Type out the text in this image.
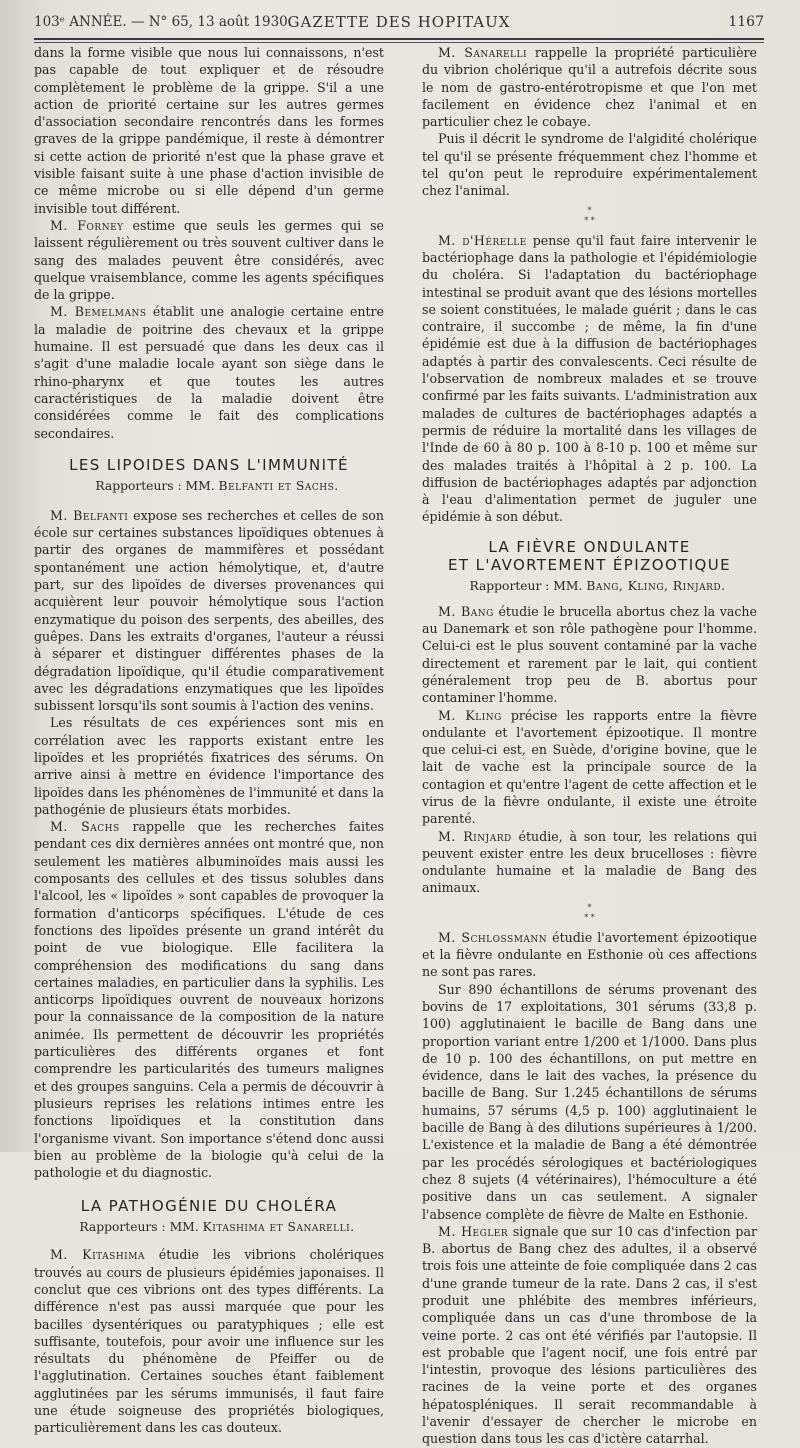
103ᵉ ANNÉE. — N° 65, 13 août 1930.
GAZETTE DES HOPITAUX	1167

dans la forme visible que nous lui connaissons, n'est pas capable de tout expliquer et de résoudre complètement le problème de la grippe. S'il a une action de priorité certaine sur les autres germes d'association secondaire rencontrés dans les formes graves de la grippe pandémique, il reste à démontrer si cette action de priorité n'est que la phase grave et visible faisant suite à une phase d'action invisible de ce même microbe ou si elle dépend d'un germe invisible tout différent.

M. Forney estime que seuls les germes qui se laissent régulièrement ou très souvent cultiver dans le sang des malades peuvent être considérés, avec quelque vraisemblance, comme les agents spécifiques de la grippe.

M. Bemelmans établit une analogie certaine entre la maladie de poitrine des chevaux et la grippe humaine. Il est persuadé que dans les deux cas il s'agit d'une maladie locale ayant son siège dans le rhino-pharynx et que toutes les autres caractéristiques de la maladie doivent être considérées comme le fait des complications secondaires.

LES LIPOIDES DANS L'IMMUNITÉ

Rapporteurs : MM. Belfanti et Sachs.

M. Belfanti expose ses recherches et celles de son école sur certaines substances lipoïdiques obtenues à partir des organes de mammifères et possédant spontanément une action hémolytique, et, d'autre part, sur des lipoïdes de diverses provenances qui acquièrent leur pouvoir hémolytique sous l'action enzymatique du poison des serpents, des abeilles, des guêpes. Dans les extraits d'organes, l'auteur a réussi à séparer et distinguer différentes phases de la dégradation lipoïdique, qu'il étudie comparativement avec les dégradations enzymatiques que les lipoïdes subissent lorsqu'ils sont soumis à l'action des venins.

Les résultats de ces expériences sont mis en corrélation avec les rapports existant entre les lipoïdes et les propriétés fixatrices des sérums. On arrive ainsi à mettre en évidence l'importance des lipoïdes dans les phénomènes de l'immunité et dans la pathogénie de plusieurs états morbides.

M. Sachs rappelle que les recherches faites pendant ces dix dernières années ont montré que, non seulement les matières albuminoïdes mais aussi les composants des cellules et des tissus solubles dans l'alcool, les « lipoïdes » sont capables de provoquer la formation d'anticorps spécifiques. L'étude de ces fonctions des lipoïdes présente un grand intérêt du point de vue biologique. Elle facilitera la compréhension des modifications du sang dans certaines maladies, en particulier dans la syphilis. Les anticorps lipoïdiques ouvrent de nouveaux horizons pour la connaissance de la composition de la nature animée. Ils permettent de découvrir les propriétés particulières des différents organes et font comprendre les particularités des tumeurs malignes et des groupes sanguins. Cela a permis de découvrir à plusieurs reprises les relations intimes entre les fonctions lipoïdiques et la constitution dans l'organisme vivant. Son importance s'étend donc aussi bien au problème de la biologie qu'à celui de la pathologie et du diagnostic.

LA PATHOGÉNIE DU CHOLÉRA

Rapporteurs : MM. Kitashima et Sanarelli.

M. Kitashima étudie les vibrions cholériques trouvés au cours de plusieurs épidémies japonaises. Il conclut que ces vibrions ont des types différents. La différence n'est pas aussi marquée que pour les bacilles dysentériques ou paratyphiques ; elle est suffisante, toutefois, pour avoir une influence sur les résultats du phénomène de Pfeiffer ou de l'agglutination. Certaines souches étant faiblement agglutinées par les sérums immunisés, il faut faire une étude soigneuse des propriétés biologiques, particulièrement dans les cas douteux.

M. Sanarelli rappelle la propriété particulière du vibrion cholérique qu'il a autrefois décrite sous le nom de gastro-entérotropisme et que l'on met facilement en évidence chez l'animal et en particulier chez le cobaye.

Puis il décrit le syndrome de l'algidité cholérique tel qu'il se présente fréquemment chez l'homme et tel qu'on peut le reproduire expérimentalement chez l'animal.

*
* *

M. d'Hérelle pense qu'il faut faire intervenir le bactériophage dans la pathologie et l'épidémiologie du choléra. Si l'adaptation du bactériophage intestinal se produit avant que des lésions mortelles se soient constituées, le malade guérit ; dans le cas contraire, il succombe ; de même, la fin d'une épidémie est due à la diffusion de bactériophages adaptés à partir des convalescents. Ceci résulte de l'observation de nombreux malades et se trouve confirmé par les faits suivants. L'administration aux malades de cultures de bactériophages adaptés a permis de réduire la mortalité dans les villages de l'Inde de 60 à 80 p. 100 à 8-10 p. 100 et même sur des malades traités à l'hôpital à 2 p. 100. La diffusion de bactériophages adaptés par adjonction à l'eau d'alimentation permet de juguler une épidémie à son début.

LA FIÈVRE ONDULANTE
ET L'AVORTEMENT ÉPIZOOTIQUE

Rapporteur : MM. Bang, Kling, Rinjard.

M. Bang étudie le brucella abortus chez la vache au Danemark et son rôle pathogène pour l'homme. Celui-ci est le plus souvent contaminé par la vache directement et rarement par le lait, qui contient généralement trop peu de B. abortus pour contaminer l'homme.

M. Kling précise les rapports entre la fièvre ondulante et l'avortement épizootique. Il montre que celui-ci est, en Suède, d'origine bovine, que le lait de vache est la principale source de la contagion et qu'entre l'agent de cette affection et le virus de la fièvre ondulante, il existe une étroite parenté.

M. Rinjard étudie, à son tour, les relations qui peuvent exister entre les deux brucelloses : fièvre ondulante humaine et la maladie de Bang des animaux.

*
* *

M. Schlossmann étudie l'avortement épizootique et la fièvre ondulante en Esthonie où ces affections ne sont pas rares.

Sur 890 échantillons de sérums provenant des bovins de 17 exploitations, 301 sérums (33,8 p. 100) agglutinaient le bacille de Bang dans une proportion variant entre 1/200 et 1/1000. Dans plus de 10 p. 100 des échantillons, on put mettre en évidence, dans le lait des vaches, la présence du bacille de Bang. Sur 1.245 échantillons de sérums humains, 57 sérums (4,5 p. 100) agglutinaient le bacille de Bang à des dilutions supérieures à 1/200. L'existence et la maladie de Bang a été démontrée par les procédés sérologiques et bactériologiques chez 8 sujets (4 vétérinaires), l'hémoculture a été positive dans un cas seulement. A signaler l'absence complète de fièvre de Malte en Esthonie.

M. Hegler signale que sur 10 cas d'infection par B. abortus de Bang chez des adultes, il a observé trois fois une atteinte de foie compliquée dans 2 cas d'une grande tumeur de la rate. Dans 2 cas, il s'est produit une phlébite des membres inférieurs, compliquée dans un cas d'une thrombose de la veine porte. 2 cas ont été vérifiés par l'autopsie. Il est probable que l'agent nocif, une fois entré par l'intestin, provoque des lésions particulières des racines de la veine porte et des organes hépatospléniques. Il serait recommandable à l'avenir d'essayer de chercher le microbe en question dans tous les cas d'ictère catarrhal.
